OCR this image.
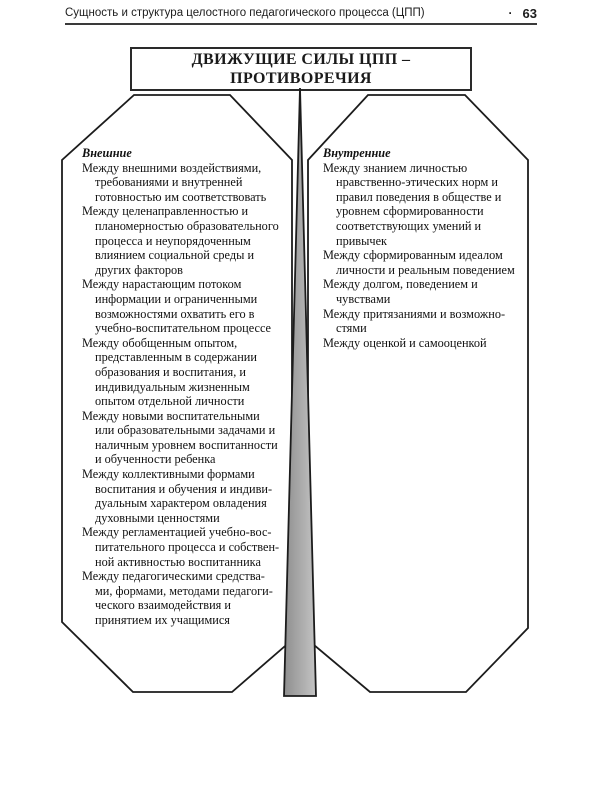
Сущность и структура целостного педагогического процесса (ЦПП)	· 63
ДВИЖУЩИЕ СИЛЫ ЦПП –
ПРОТИВОРЕЧИЯ
Внешние
Между внешними воздействиями,
требованиями и внутренней
готовностью им соответствовать
Между целенаправленностью и
планомерностью образовательного
процесса и неупорядоченным
влиянием социальной среды и
других факторов
Между нарастающим потоком
информации и ограниченными
возможностями охватить его в
учебно-воспитательном процессе
Между обобщенным опытом,
представленным в содержании
образования и воспитания, и
индивидуальным жизненным
опытом отдельной личности
Между новыми воспитательными
или образовательными задачами и
наличным уровнем воспитанности
и обученности ребенка
Между коллективными формами
воспитания и обучения и индиви-
дуальным характером овладения
духовными ценностями
Между регламентацией учебно-вос-
питательного процесса и собствен-
ной активностью воспитанника
Между педагогическими средства-
ми, формами, методами педагоги-
ческого взаимодействия и
принятием их учащимися
Внутренние
Между знанием личностью
нравственно-этических норм и
правил поведения в обществе и
уровнем сформированности
соответствующих умений и
привычек
Между сформированным идеалом
личности и реальным поведением
Между долгом, поведением и
чувствами
Между притязаниями и возможно-
стями
Между оценкой и самооценкой
